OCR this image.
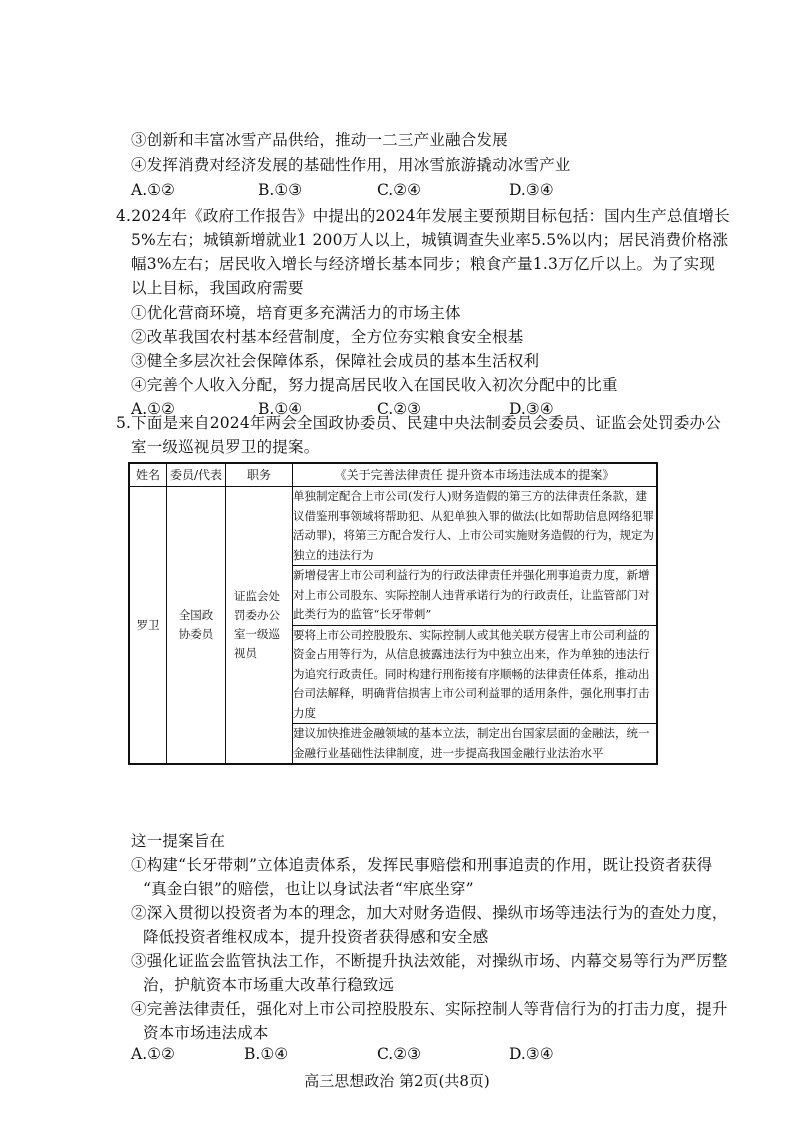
③创新和丰富冰雪产品供给，推动一二三产业融合发展
④发挥消费对经济发展的基础性作用，用冰雪旅游撬动冰雪产业
A.①②	B.①③	C.②④	D.③④
4.2024年《政府工作报告》中提出的2024年发展主要预期目标包括：国内生产总值增长
5%左右；城镇新增就业1 200万人以上，城镇调查失业率5.5%以内；居民消费价格涨
幅3%左右；居民收入增长与经济增长基本同步；粮食产量1.3万亿斤以上。为了实现
以上目标，我国政府需要
①优化营商环境，培育更多充满活力的市场主体
②改革我国农村基本经营制度，全方位夯实粮食安全根基
③健全多层次社会保障体系，保障社会成员的基本生活权利
④完善个人收入分配，努力提高居民收入在国民收入初次分配中的比重
A.①②	B.①④	C.②③	D.③④
5.下面是来自2024年两会全国政协委员、民建中央法制委员会委员、证监会处罚委办公
室一级巡视员罗卫的提案。
姓名	委员/代表	职务	《关于完善法律责任 提升资本市场违法成本的提案》
罗卫	全国政协委员	证监会处罚委办公室一级巡视员	单独制定配合上市公司(发行人)财务造假的第三方的法律责任条款，建议借鉴刑事领域将帮助犯、从犯单独入罪的做法(比如帮助信息网络犯罪活动罪)，将第三方配合发行人、上市公司实施财务造假的行为，规定为独立的违法行为
			新增侵害上市公司利益行为的行政法律责任并强化刑事追责力度，新增对上市公司股东、实际控制人违背承诺行为的行政责任，让监管部门对此类行为的监管“长牙带刺”
			要将上市公司控股股东、实际控制人或其他关联方侵害上市公司利益的资金占用等行为，从信息披露违法行为中独立出来，作为单独的违法行为追究行政责任。同时构建行刑衔接有序顺畅的法律责任体系，推动出台司法解释，明确背信损害上市公司利益罪的适用条件，强化刑事打击力度
			建议加快推进金融领域的基本立法，制定出台国家层面的金融法，统一金融行业基础性法律制度，进一步提高我国金融行业法治水平
这一提案旨在
①构建“长牙带刺”立体追责体系，发挥民事赔偿和刑事追责的作用，既让投资者获得
“真金白银”的赔偿，也让以身试法者“牢底坐穿”
②深入贯彻以投资者为本的理念，加大对财务造假、操纵市场等违法行为的查处力度，
降低投资者维权成本，提升投资者获得感和安全感
③强化证监会监管执法工作，不断提升执法效能，对操纵市场、内幕交易等行为严厉整
治，护航资本市场重大改革行稳致远
④完善法律责任，强化对上市公司控股股东、实际控制人等背信行为的打击力度，提升
资本市场违法成本
A.①②	B.①④	C.②③	D.③④
高三思想政治 第2页(共8页)
